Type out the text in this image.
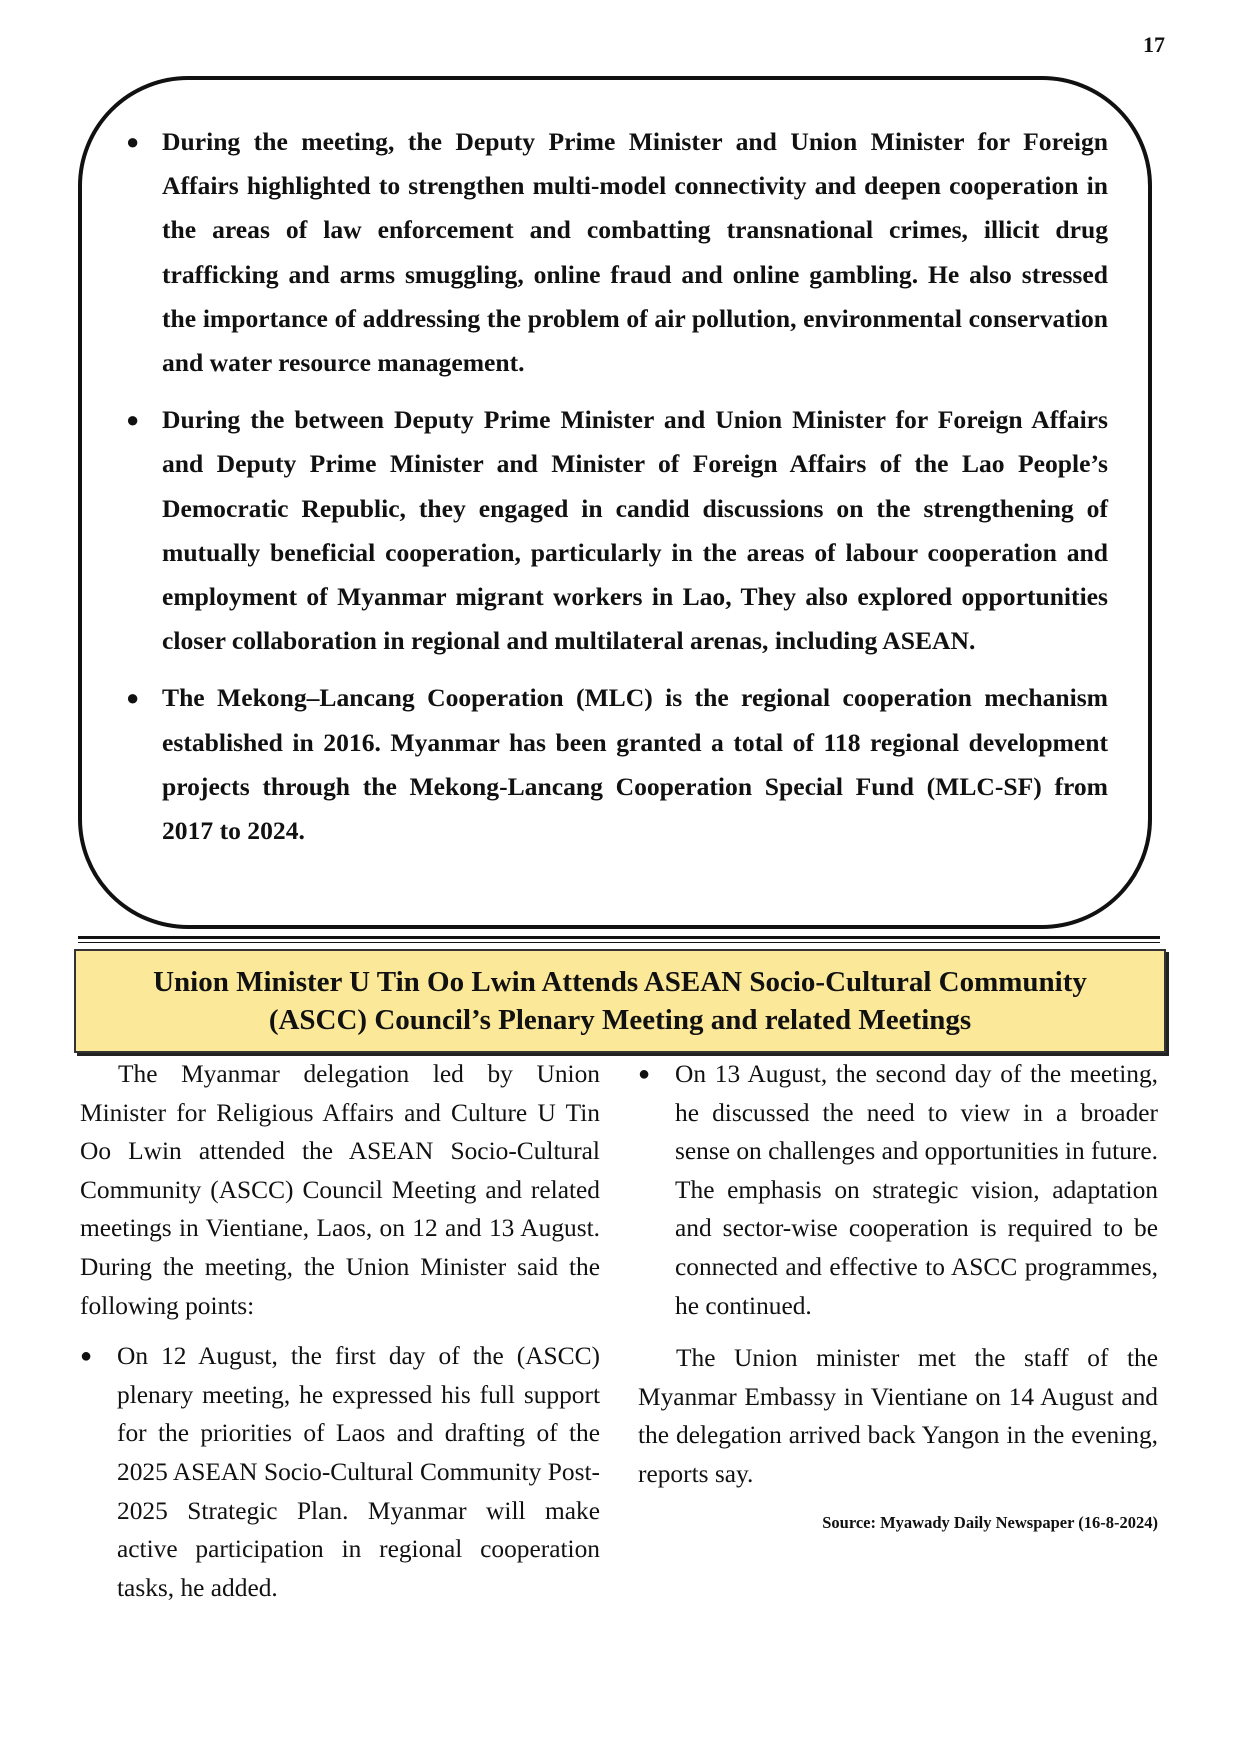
17
● During the meeting, the Deputy Prime Minister and Union Minister for Foreign Affairs highlighted to strengthen multi-model connectivity and deepen cooperation in the areas of law enforcement and combatting transnational crimes, illicit drug trafficking and arms smuggling, online fraud and online gambling. He also stressed the importance of addressing the problem of air pollution, environmental conservation and water resource management.
● During the between Deputy Prime Minister and Union Minister for Foreign Affairs and Deputy Prime Minister and Minister of Foreign Affairs of the Lao People’s Democratic Republic, they engaged in candid discussions on the strengthening of mutually beneficial cooperation, particularly in the areas of labour cooperation and employment of Myanmar migrant workers in Lao, They also explored opportunities closer collaboration in regional and multilateral arenas, including ASEAN.
● The Mekong–Lancang Cooperation (MLC) is the regional cooperation mechanism established in 2016. Myanmar has been granted a total of 118 regional development projects through the Mekong-Lancang Cooperation Special Fund (MLC-SF) from 2017 to 2024.
Union Minister U Tin Oo Lwin Attends ASEAN Socio-Cultural Community (ASCC) Council’s Plenary Meeting and related Meetings

The Myanmar delegation led by Union Minister for Religious Affairs and Culture U Tin Oo Lwin attended the ASEAN Socio-Cultural Community (ASCC) Council Meeting and related meetings in Vientiane, Laos, on 12 and 13 August. During the meeting, the Union Minister said the following points:

● On 12 August, the first day of the (ASCC) plenary meeting, he expressed his full support for the priorities of Laos and drafting of the 2025 ASEAN Socio-Cultural Community Post-2025 Strategic Plan. Myanmar will make active participation in regional cooperation tasks, he added.
● On 13 August, the second day of the meeting, he discussed the need to view in a broader sense on challenges and opportunities in future. The emphasis on strategic vision, adaptation and sector-wise cooperation is required to be connected and effective to ASCC programmes, he continued.

The Union minister met the staff of the Myanmar Embassy in Vientiane on 14 August and the delegation arrived back Yangon in the evening, reports say.

Source: Myawady Daily Newspaper (16-8-2024)
